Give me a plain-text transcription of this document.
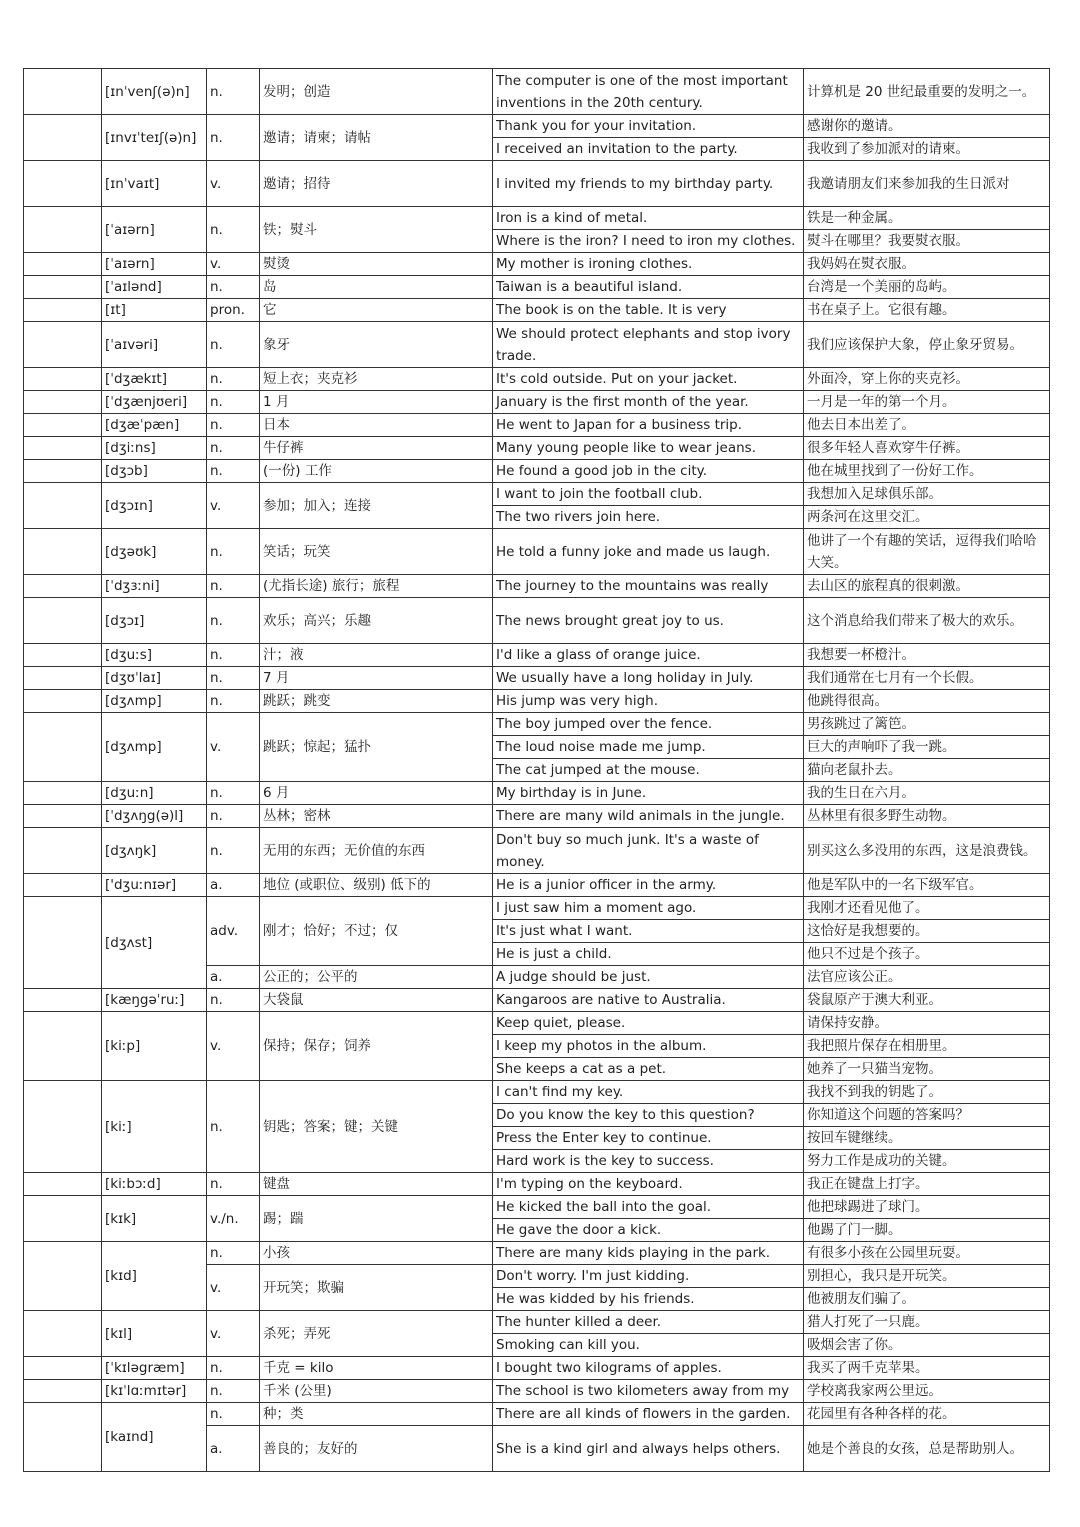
	[ɪnˈvenʃ(ə)n]	n.	发明；创造	The computer is one of the most important inventions in the 20th century.	计算机是 20 世纪最重要的发明之一。
	[ɪnvɪˈteɪʃ(ə)n]	n.	邀请；请柬；请帖	Thank you for your invitation.	感谢你的邀请。
				I received an invitation to the party.	我收到了参加派对的请柬。
	[ɪnˈvaɪt]	v.	邀请；招待	I invited my friends to my birthday party.	我邀请朋友们来参加我的生日派对
	[ˈaɪərn]	n.	铁；熨斗	Iron is a kind of metal.	铁是一种金属。
				Where is the iron? I need to iron my clothes.	熨斗在哪里？我要熨衣服。
	[ˈaɪərn]	v.	熨烫	My mother is ironing clothes.	我妈妈在熨衣服。
	[ˈaɪlənd]	n.	岛	Taiwan is a beautiful island.	台湾是一个美丽的岛屿。
	[ɪt]	pron.	它	The book is on the table. It is very	书在桌子上。它很有趣。
	[ˈaɪvəri]	n.	象牙	We should protect elephants and stop ivory trade.	我们应该保护大象，停止象牙贸易。
	[ˈdʒækɪt]	n.	短上衣；夹克衫	It's cold outside. Put on your jacket.	外面冷，穿上你的夹克衫。
	[ˈdʒænjʊeri]	n.	1 月	January is the first month of the year.	一月是一年的第一个月。
	[dʒæˈpæn]	n.	日本	He went to Japan for a business trip.	他去日本出差了。
	[dʒiːns]	n.	牛仔裤	Many young people like to wear jeans.	很多年轻人喜欢穿牛仔裤。
	[dʒɔb]	n.	(一份) 工作	He found a good job in the city.	他在城里找到了一份好工作。
	[dʒɔɪn]	v.	参加；加入；连接	I want to join the football club.	我想加入足球俱乐部。
				The two rivers join here.	两条河在这里交汇。
	[dʒəʊk]	n.	笑话；玩笑	He told a funny joke and made us laugh.	他讲了一个有趣的笑话，逗得我们哈哈大笑。
	[ˈdʒɜːni]	n.	(尤指长途) 旅行；旅程	The journey to the mountains was really	去山区的旅程真的很刺激。
	[dʒɔɪ]	n.	欢乐；高兴；乐趣	The news brought great joy to us.	这个消息给我们带来了极大的欢乐。
	[dʒuːs]	n.	汁；液	I'd like a glass of orange juice.	我想要一杯橙汁。
	[dʒʊˈlaɪ]	n.	7 月	We usually have a long holiday in July.	我们通常在七月有一个长假。
	[dʒʌmp]	n.	跳跃；跳变	His jump was very high.	他跳得很高。
	[dʒʌmp]	v.	跳跃；惊起；猛扑	The boy jumped over the fence.	男孩跳过了篱笆。
				The loud noise made me jump.	巨大的声响吓了我一跳。
				The cat jumped at the mouse.	猫向老鼠扑去。
	[dʒuːn]	n.	6 月	My birthday is in June.	我的生日在六月。
	[ˈdʒʌŋg(ə)l]	n.	丛林；密林	There are many wild animals in the jungle.	丛林里有很多野生动物。
	[dʒʌŋk]	n.	无用的东西；无价值的东西	Don't buy so much junk. It's a waste of money.	别买这么多没用的东西，这是浪费钱。
	['dʒuːnɪər]	a.	地位 (或职位、级别) 低下的	He is a junior officer in the army.	他是军队中的一名下级军官。
	[dʒʌst]	adv.	刚才；恰好；不过；仅	I just saw him a moment ago.	我刚才还看见他了。
				It's just what I want.	这恰好是我想要的。
				He is just a child.	他只不过是个孩子。
		a.	公正的；公平的	A judge should be just.	法官应该公正。
	[kæŋgəˈruː]	n.	大袋鼠	Kangaroos are native to Australia.	袋鼠原产于澳大利亚。
	[kiːp]	v.	保持；保存；饲养	Keep quiet, please.	请保持安静。
				I keep my photos in the album.	我把照片保存在相册里。
				She keeps a cat as a pet.	她养了一只猫当宠物。
	[kiː]	n.	钥匙；答案；键；关键	I can't find my key.	我找不到我的钥匙了。
				Do you know the key to this question?	你知道这个问题的答案吗？
				Press the Enter key to continue.	按回车键继续。
				Hard work is the key to success.	努力工作是成功的关键。
	[kiːbɔːd]	n.	键盘	I'm typing on the keyboard.	我正在键盘上打字。
	[kɪk]	v./n.	踢；踹	He kicked the ball into the goal.	他把球踢进了球门。
				He gave the door a kick.	他踢了门一脚。
	[kɪd]	n.	小孩	There are many kids playing in the park.	有很多小孩在公园里玩耍。
		v.	开玩笑；欺骗	Don't worry. I'm just kidding.	别担心，我只是开玩笑。
				He was kidded by his friends.	他被朋友们骗了。
	[kɪl]	v.	杀死；弄死	The hunter killed a deer.	猎人打死了一只鹿。
				Smoking can kill you.	吸烟会害了你。
	[ˈkɪləgræm]	n.	千克 = kilo	I bought two kilograms of apples.	我买了两千克苹果。
	[kɪˈlɑːmɪtər]	n.	千米 (公里)	The school is two kilometers away from my	学校离我家两公里远。
	[kaɪnd]	n.	种；类	There are all kinds of flowers in the garden.	花园里有各种各样的花。
		a.	善良的；友好的	She is a kind girl and always helps others.	她是个善良的女孩，总是帮助别人。
